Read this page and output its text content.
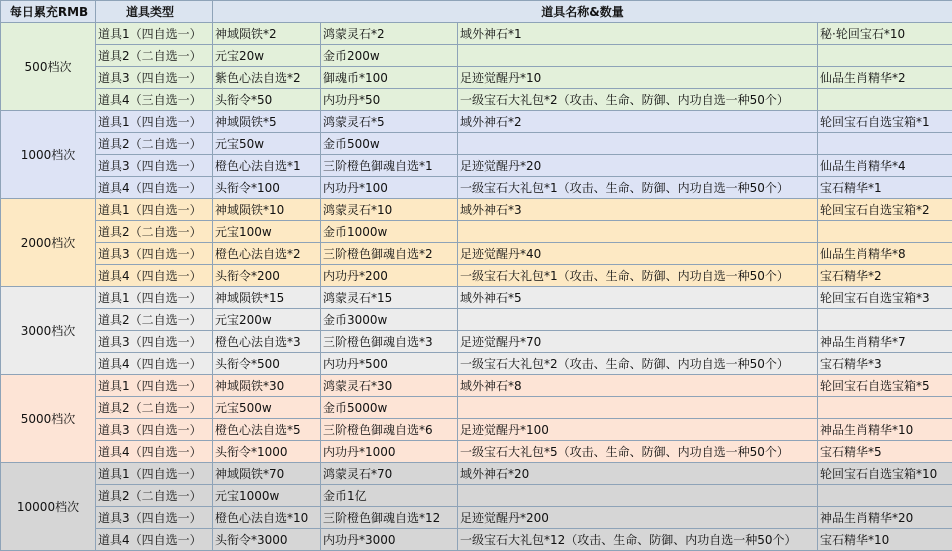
每日累充RMB	道具类型	道具名称&数量			
500档次	道具1（四自选一）	神域陨铁*2	鸿蒙灵石*2	域外神石*1	秘·轮回宝石*10
	道具2（二自选一）	元宝20w	金币200w		
	道具3（四自选一）	紫色心法自选*2	御魂币*100	足迹觉醒丹*10	仙品生肖精华*2
	道具4（三自选一）	头衔令*50	内功丹*50	一级宝石大礼包*2（攻击、生命、防御、内功自选一种50个）	
1000档次	道具1（四自选一）	神域陨铁*5	鸿蒙灵石*5	域外神石*2	轮回宝石自选宝箱*1
	道具2（二自选一）	元宝50w	金币500w		
	道具3（四自选一）	橙色心法自选*1	三阶橙色御魂自选*1	足迹觉醒丹*20	仙品生肖精华*4
	道具4（四自选一）	头衔令*100	内功丹*100	一级宝石大礼包*1（攻击、生命、防御、内功自选一种50个）	宝石精华*1
2000档次	道具1（四自选一）	神域陨铁*10	鸿蒙灵石*10	域外神石*3	轮回宝石自选宝箱*2
	道具2（二自选一）	元宝100w	金币1000w		
	道具3（四自选一）	橙色心法自选*2	三阶橙色御魂自选*2	足迹觉醒丹*40	仙品生肖精华*8
	道具4（四自选一）	头衔令*200	内功丹*200	一级宝石大礼包*1（攻击、生命、防御、内功自选一种50个）	宝石精华*2
3000档次	道具1（四自选一）	神域陨铁*15	鸿蒙灵石*15	域外神石*5	轮回宝石自选宝箱*3
	道具2（二自选一）	元宝200w	金币3000w		
	道具3（四自选一）	橙色心法自选*3	三阶橙色御魂自选*3	足迹觉醒丹*70	神品生肖精华*7
	道具4（四自选一）	头衔令*500	内功丹*500	一级宝石大礼包*2（攻击、生命、防御、内功自选一种50个）	宝石精华*3
5000档次	道具1（四自选一）	神域陨铁*30	鸿蒙灵石*30	域外神石*8	轮回宝石自选宝箱*5
	道具2（二自选一）	元宝500w	金币5000w		
	道具3（四自选一）	橙色心法自选*5	三阶橙色御魂自选*6	足迹觉醒丹*100	神品生肖精华*10
	道具4（四自选一）	头衔令*1000	内功丹*1000	一级宝石大礼包*5（攻击、生命、防御、内功自选一种50个）	宝石精华*5
10000档次	道具1（四自选一）	神域陨铁*70	鸿蒙灵石*70	域外神石*20	轮回宝石自选宝箱*10
	道具2（二自选一）	元宝1000w	金币1亿		
	道具3（四自选一）	橙色心法自选*10	三阶橙色御魂自选*12	足迹觉醒丹*200	神品生肖精华*20
	道具4（四自选一）	头衔令*3000	内功丹*3000	一级宝石大礼包*12（攻击、生命、防御、内功自选一种50个）	宝石精华*10
